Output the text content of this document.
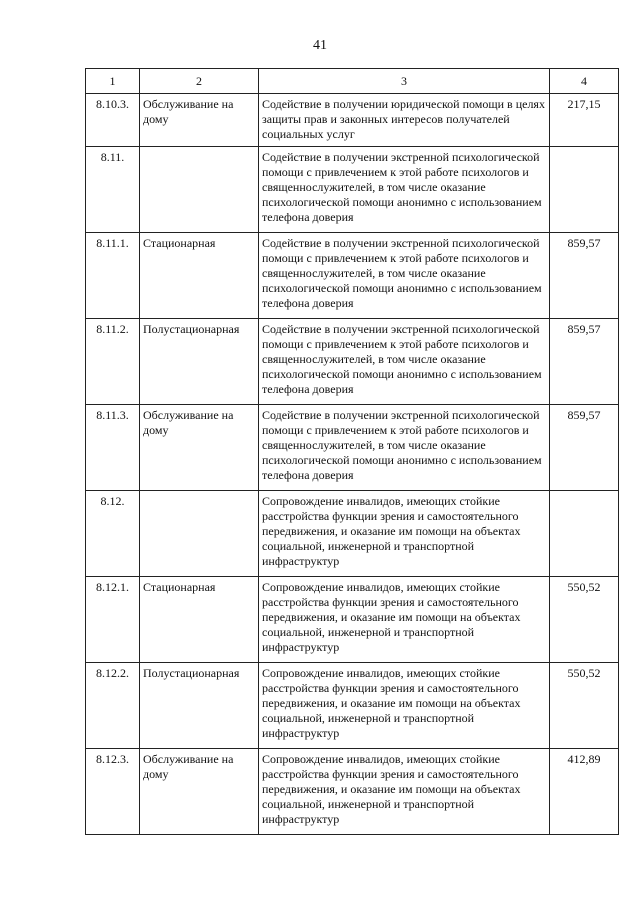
41
1	2	3	4
8.10.3.	Обслуживание на дому	Содействие в получении юридической помощи в целях защиты прав и законных интересов получателей социальных услуг	217,15
8.11.		Содействие в получении экстренной психологической помощи с привлечением к этой работе психологов и священнослужителей, в том числе оказание психологической помощи анонимно с использованием телефона доверия	
8.11.1.	Стационарная	Содействие в получении экстренной психологической помощи с привлечением к этой работе психологов и священнослужителей, в том числе оказание психологической помощи анонимно с использованием телефона доверия	859,57
8.11.2.	Полустационарная	Содействие в получении экстренной психологической помощи с привлечением к этой работе психологов и священнослужителей, в том числе оказание психологической помощи анонимно с использованием телефона доверия	859,57
8.11.3.	Обслуживание на дому	Содействие в получении экстренной психологической помощи с привлечением к этой работе психологов и священнослужителей, в том числе оказание психологической помощи анонимно с использованием телефона доверия	859,57
8.12.		Сопровождение инвалидов, имеющих стойкие расстройства функции зрения и самостоятельного передвижения, и оказание им помощи на объектах социальной, инженерной и транспортной инфраструктур	
8.12.1.	Стационарная	Сопровождение инвалидов, имеющих стойкие расстройства функции зрения и самостоятельного передвижения, и оказание им помощи на объектах социальной, инженерной и транспортной инфраструктур	550,52
8.12.2.	Полустационарная	Сопровождение инвалидов, имеющих стойкие расстройства функции зрения и самостоятельного передвижения, и оказание им помощи на объектах социальной, инженерной и транспортной инфраструктур	550,52
8.12.3.	Обслуживание на дому	Сопровождение инвалидов, имеющих стойкие расстройства функции зрения и самостоятельного передвижения, и оказание им помощи на объектах социальной, инженерной и транспортной инфраструктур	412,89
